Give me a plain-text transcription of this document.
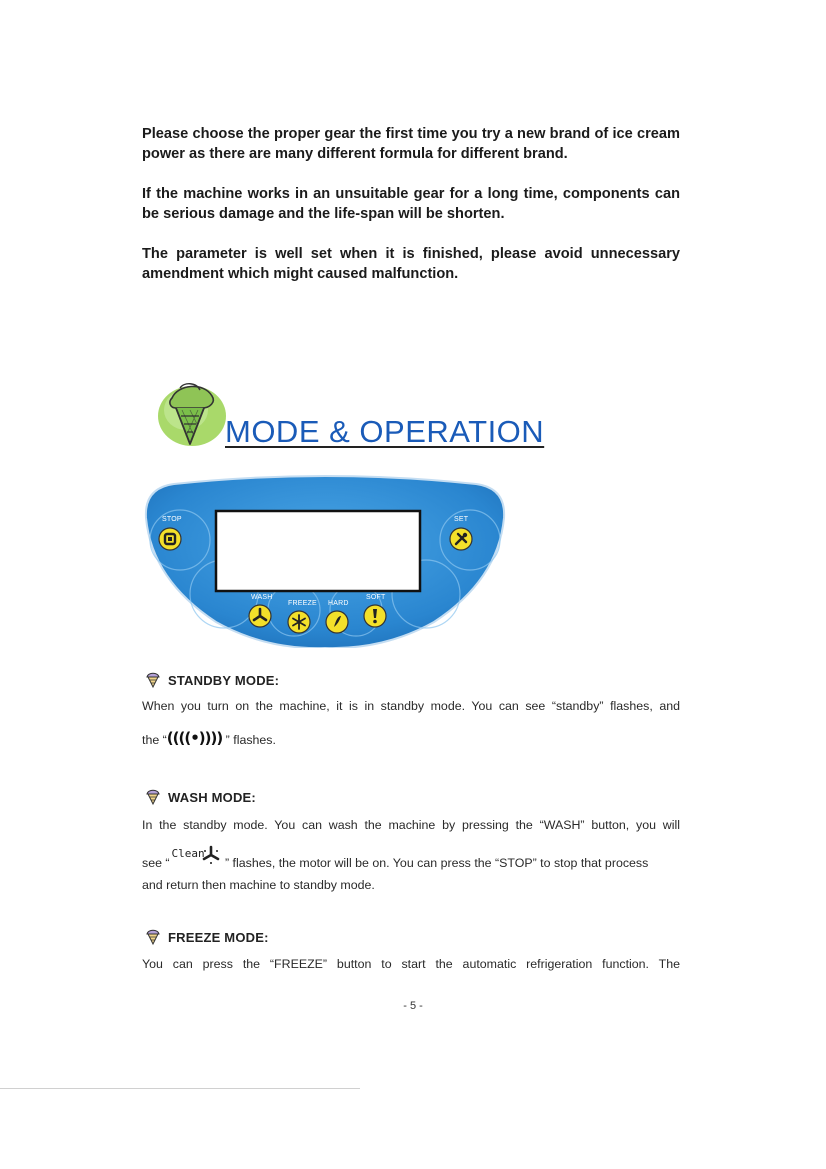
Please choose the proper gear the first time you try a new brand of ice cream power as there are many different formula for different brand.

If the machine works in an unsuitable gear for a long time, components can be serious damage and the life-span will be shorten.

The parameter is well set when it is finished, please avoid unnecessary amendment which might caused malfunction.

MODE & OPERATION
STOP	SET
WASH
FREEZE HARD
SOFT
STANDBY MODE:
When you turn on the machine, it is in standby mode. You can see “standby” flashes, and
the “((((•)))) ” flashes.
WASH MODE:
In the standby mode. You can wash the machine by pressing the “WASH” button, you will
see “
Clean
” flashes, the motor will be on. You can press the “STOP” to stop that process
and return then machine to standby mode.
FREEZE MODE:
You can press the “FREEZE” button to start the automatic refrigeration function. The
- 5 -
